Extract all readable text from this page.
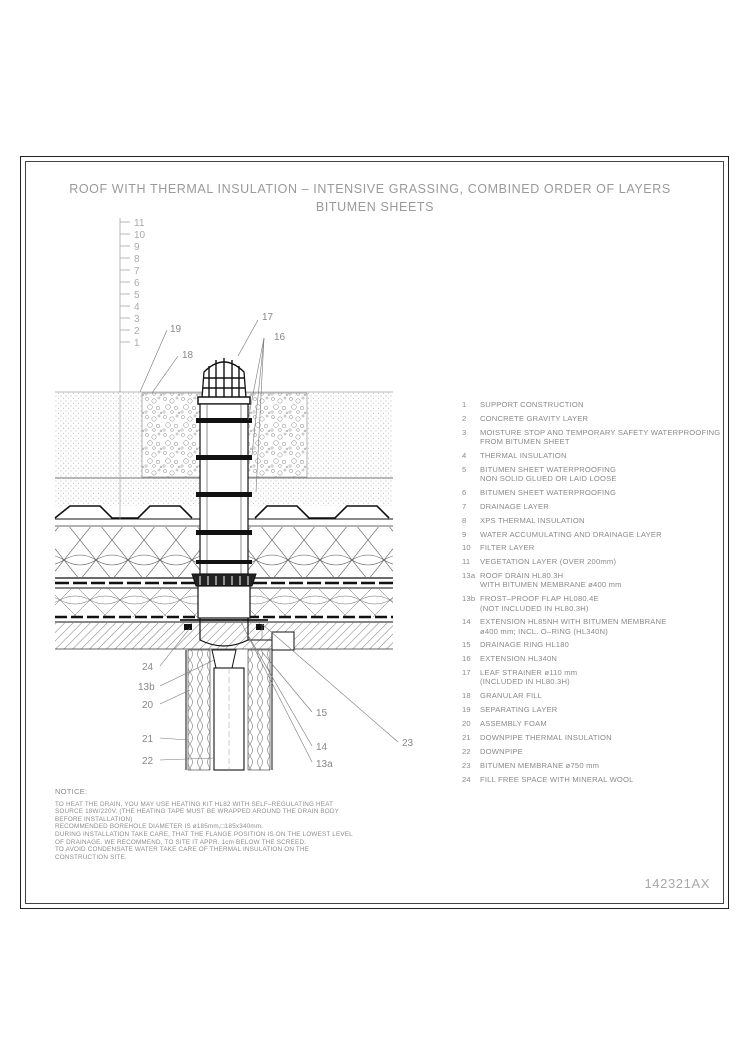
ROOF WITH THERMAL INSULATION – INTENSIVE GRASSING, COMBINED ORDER OF LAYERS
BITUMEN SHEETS
1
2
3
4
5
6
7
8
9
10
11
19
18
17
16
24
13b
20
21
22
15
14
13a
23
1	SUPPORT CONSTRUCTION
2	CONCRETE GRAVITY LAYER
3	MOISTURE STOP AND TEMPORARY SAFETY WATERPROOFING
FROM BITUMEN SHEET
4	THERMAL INSULATION
5	BITUMEN SHEET WATERPROOFING
NON SOLID GLUED OR LAID LOOSE
6	BITUMEN SHEET WATERPROOFING
7	DRAINAGE LAYER
8	XPS THERMAL INSULATION
9	WATER ACCUMULATING AND DRAINAGE LAYER
10	FILTER LAYER
11	VEGETATION LAYER (OVER 200mm)
13a ROOF DRAIN HL80.3H
WITH BITUMEN MEMBRANE ø400 mm
13b FROST–PROOF FLAP HL080.4E
(NOT INCLUDED IN HL80.3H)
14	EXTENSION HL85NH WITH BITUMEN MEMBRANE
ø400 mm; INCL. O–RING (HL340N)
15	DRAINAGE RING HL180
16	EXTENSION HL340N
17	LEAF STRAINER ø110 mm
(INCLUDED IN HL80.3H)
18	GRANULAR FILL
19	SEPARATING LAYER
20	ASSEMBLY FOAM
21	DOWNPIPE THERMAL INSULATION
22	DOWNPIPE
23	BITUMEN MEMBRANE ø750 mm
24	FILL FREE SPACE WITH MINERAL WOOL
NOTICE:
TO HEAT THE DRAIN, YOU MAY USE HEATING KIT HL82 WITH SELF–REGULATING HEAT
SOURCE 18W/220V. (THE HEATING TAPE MUST BE WRAPPED AROUND THE DRAIN BODY
BEFORE INSTALLATION)
RECOMMENDED BOREHOLE DIAMETER IS ø185mm,□185x340mm.
DURING INSTALLATION TAKE CARE, THAT THE FLANGE POSITION IS ON THE LOWEST LEVEL
OF DRAINAGE. WE RECOMMEND, TO SITE IT APPR. 1cm BELOW THE SCREED.
TO AVOID CONDENSATE WATER TAKE CARE OF THERMAL INSULATION ON THE
CONSTRUCTION SITE.
142321AX
